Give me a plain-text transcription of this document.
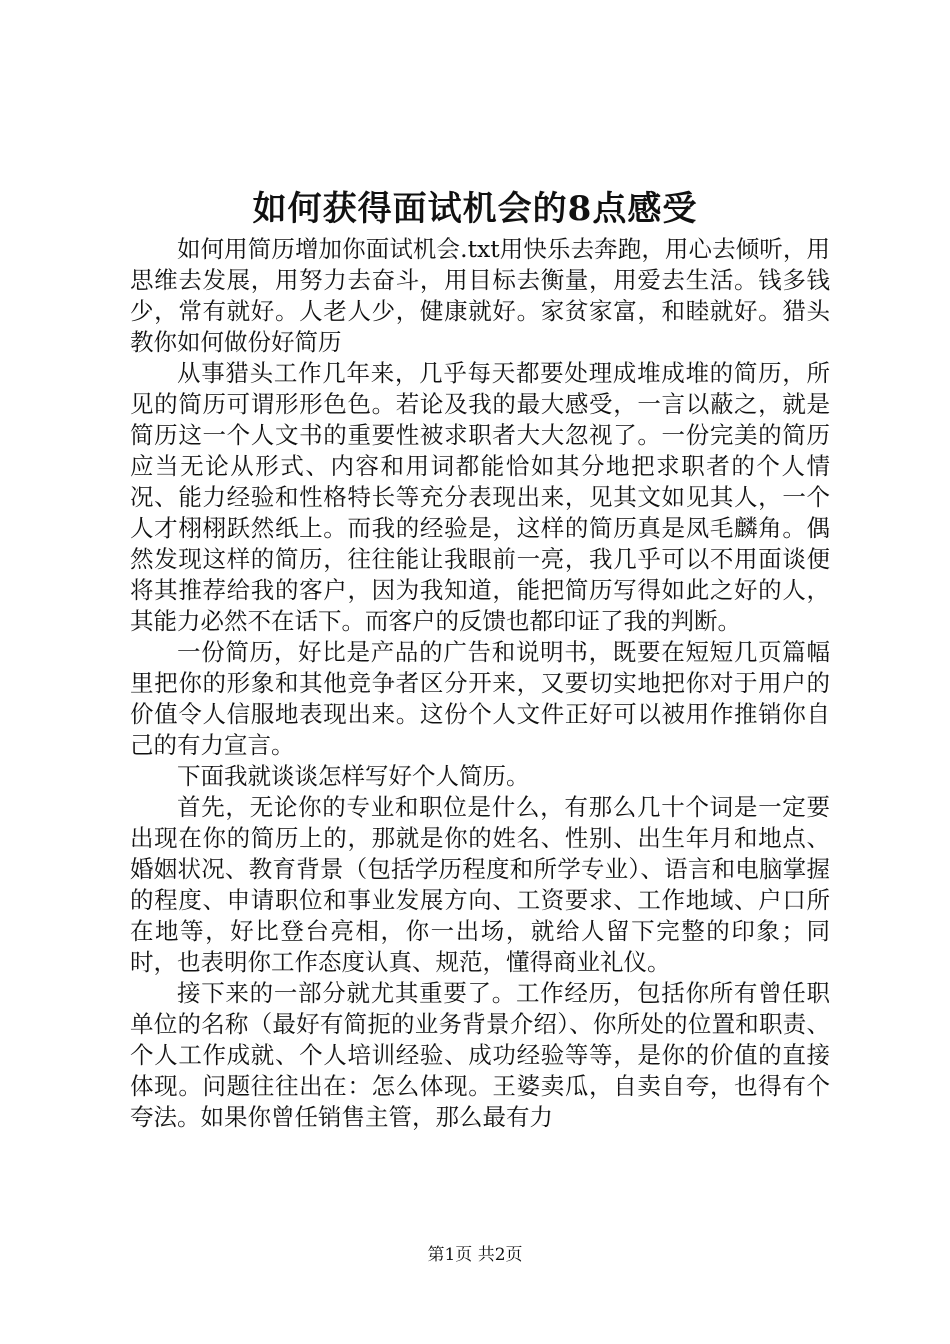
如何获得面试机会的8点感受

如何用简历增加你面试机会.txt用快乐去奔跑，用心去倾听，用思维去发展，用努力去奋斗，用目标去衡量，用爱去生活。钱多钱少，常有就好。人老人少，健康就好。家贫家富，和睦就好。猎头教你如何做份好简历

从事猎头工作几年来，几乎每天都要处理成堆成堆的简历，所见的简历可谓形形色色。若论及我的最大感受，一言以蔽之，就是简历这一个人文书的重要性被求职者大大忽视了。一份完美的简历应当无论从形式、内容和用词都能恰如其分地把求职者的个人情况、能力经验和性格特长等充分表现出来，见其文如见其人，一个人才栩栩跃然纸上。而我的经验是，这样的简历真是凤毛麟角。偶然发现这样的简历，往往能让我眼前一亮，我几乎可以不用面谈便将其推荐给我的客户，因为我知道，能把简历写得如此之好的人，其能力必然不在话下。而客户的反馈也都印证了我的判断。

一份简历，好比是产品的广告和说明书，既要在短短几页篇幅里把你的形象和其他竞争者区分开来，又要切实地把你对于用户的价值令人信服地表现出来。这份个人文件正好可以被用作推销你自己的有力宣言。

下面我就谈谈怎样写好个人简历。

首先，无论你的专业和职位是什么，有那么几十个词是一定要出现在你的简历上的，那就是你的姓名、性别、出生年月和地点、婚姻状况、教育背景（包括学历程度和所学专业）、语言和电脑掌握的程度、申请职位和事业发展方向、工资要求、工作地域、户口所在地等，好比登台亮相，你一出场，就给人留下完整的印象；同时，也表明你工作态度认真、规范，懂得商业礼仪。

接下来的一部分就尤其重要了。工作经历，包括你所有曾任职单位的名称（最好有简扼的业务背景介绍）、你所处的位置和职责、个人工作成就、个人培训经验、成功经验等等，是你的价值的直接体现。问题往往出在：怎么体现。王婆卖瓜，自卖自夸，也得有个夸法。如果你曾任销售主管，那么最有力

第1页 共2页
